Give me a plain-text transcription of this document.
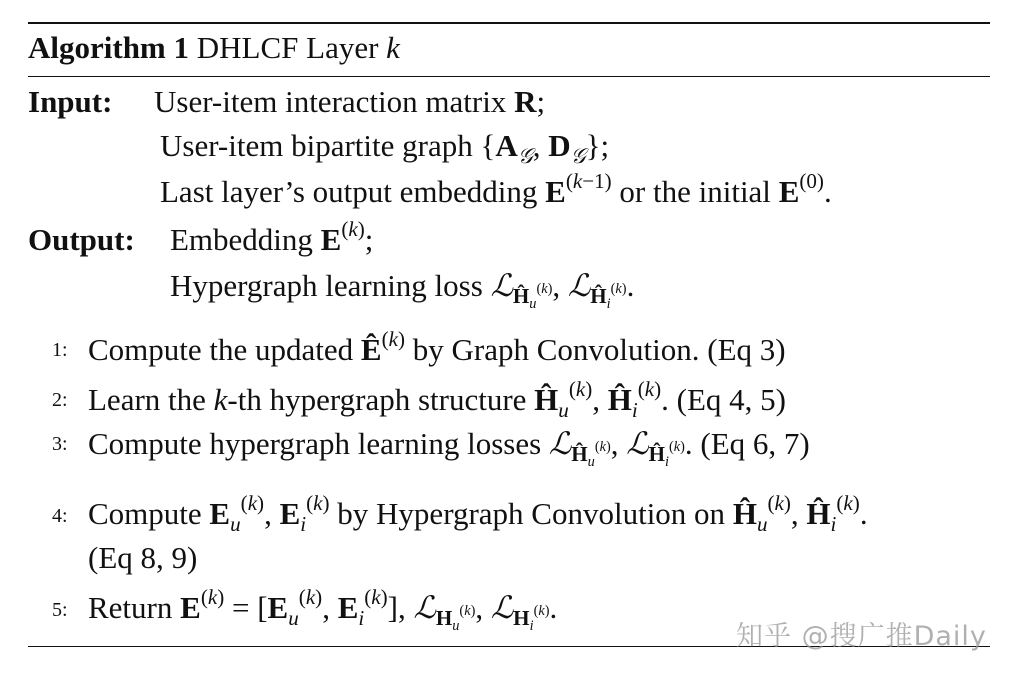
Algorithm 1 DHLCF Layer k
Input: User-item interaction matrix R;
User-item bipartite graph {$A_𝒢$, $D_𝒢$};
Last layer’s output embedding $E^{(k-1)}$ or the initial $E^{(0)}$.
Output: Embedding $E^{(k)}$;
Hypergraph learning loss ℒ$_{Ĥ_u^{(k)}}$, ℒ$_{Ĥ_i^{(k)}}$.
1: Compute the updated $Ê^{(k)}$ by Graph Convolution. (Eq 3)
2: Learn the k-th hypergraph structure $Ĥ_u^{(k)}$, $Ĥ_i^{(k)}$. (Eq 4, 5)
3: Compute hypergraph learning losses ℒ$_{Ĥ_u^{(k)}}$, ℒ$_{Ĥ_i^{(k)}}$. (Eq 6, 7)
4: Compute $E_u^{(k)}$, $E_i^{(k)}$ by Hypergraph Convolution on $Ĥ_u^{(k)}$, $Ĥ_i^{(k)}$.
(Eq 8, 9)
5: Return $E^{(k)} = [E_u^{(k)}$, $E_i^{(k)}$], ℒ$_{H_u^{(k)}}$, ℒ$_{H_i^{(k)}}$.
知乎 @搜广推Daily
